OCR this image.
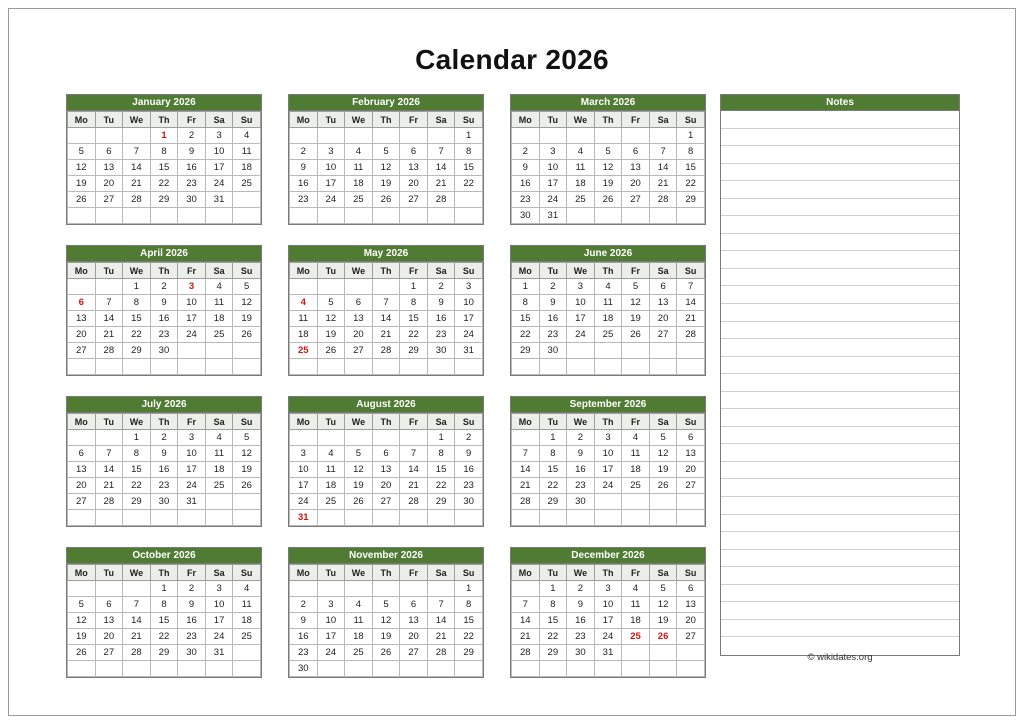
Calendar 2026
January 2026
Mo	Tu	We	Th	Fr	Sa	Su
			1	2	3	4
5	6	7	8	9	10	11
12	13	14	15	16	17	18
19	20	21	22	23	24	25
26	27	28	29	30	31	

February 2026
Mo	Tu	We	Th	Fr	Sa	Su
						1
2	3	4	5	6	7	8
9	10	11	12	13	14	15
16	17	18	19	20	21	22
23	24	25	26	27	28	

March 2026
Mo	Tu	We	Th	Fr	Sa	Su
						1
2	3	4	5	6	7	8
9	10	11	12	13	14	15
16	17	18	19	20	21	22
23	24	25	26	27	28	29
30	31					
April 2026
Mo	Tu	We	Th	Fr	Sa	Su
		1	2	3	4	5
6	7	8	9	10	11	12
13	14	15	16	17	18	19
20	21	22	23	24	25	26
27	28	29	30			

May 2026
Mo	Tu	We	Th	Fr	Sa	Su
				1	2	3
4	5	6	7	8	9	10
11	12	13	14	15	16	17
18	19	20	21	22	23	24
25	26	27	28	29	30	31

June 2026
Mo	Tu	We	Th	Fr	Sa	Su
1	2	3	4	5	6	7
8	9	10	11	12	13	14
15	16	17	18	19	20	21
22	23	24	25	26	27	28
29	30					

July 2026
Mo	Tu	We	Th	Fr	Sa	Su
		1	2	3	4	5
6	7	8	9	10	11	12
13	14	15	16	17	18	19
20	21	22	23	24	25	26
27	28	29	30	31		

August 2026
Mo	Tu	We	Th	Fr	Sa	Su
					1	2
3	4	5	6	7	8	9
10	11	12	13	14	15	16
17	18	19	20	21	22	23
24	25	26	27	28	29	30
31						
September 2026
Mo	Tu	We	Th	Fr	Sa	Su
	1	2	3	4	5	6
7	8	9	10	11	12	13
14	15	16	17	18	19	20
21	22	23	24	25	26	27
28	29	30				

October 2026
Mo	Tu	We	Th	Fr	Sa	Su
			1	2	3	4
5	6	7	8	9	10	11
12	13	14	15	16	17	18
19	20	21	22	23	24	25
26	27	28	29	30	31	

November 2026
Mo	Tu	We	Th	Fr	Sa	Su
						1
2	3	4	5	6	7	8
9	10	11	12	13	14	15
16	17	18	19	20	21	22
23	24	25	26	27	28	29
30						
December 2026
Mo	Tu	We	Th	Fr	Sa	Su
	1	2	3	4	5	6
7	8	9	10	11	12	13
14	15	16	17	18	19	20
21	22	23	24	25	26	27
28	29	30	31			

Notes
© wikidates.org
